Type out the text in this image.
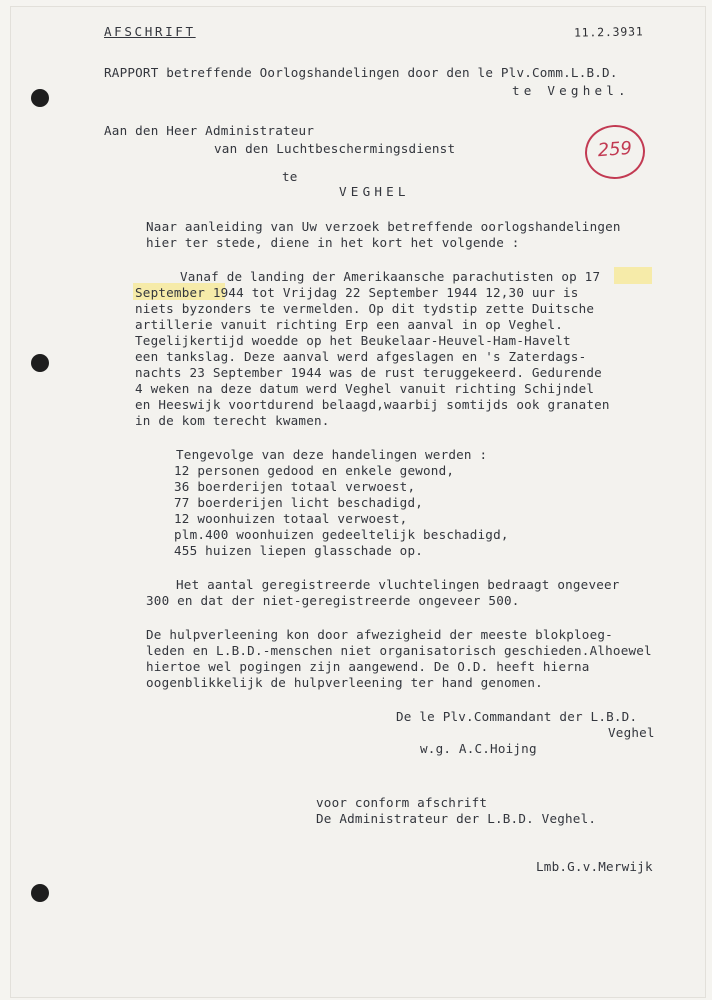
AFSCHRIFT	11.2.3931
RAPPORT betreffende Oorlogshandelingen door den le Plv.Comm.L.B.D.
te Veghel.
Aan den Heer Administrateur
van den Luchtbeschermingsdienst
te
VEGHEL
259
Naar aanleiding van Uw verzoek betreffende oorlogshandelingen
hier ter stede, diene in het kort het volgende :
Vanaf de landing der Amerikaansche parachutisten op 17
September 1944 tot Vrijdag 22 September 1944 12,30 uur is
niets byzonders te vermelden. Op dit tydstip zette Duitsche
artillerie vanuit richting Erp een aanval in op Veghel.
Tegelijkertijd woedde op het Beukelaar-Heuvel-Ham-Havelt
een tankslag. Deze aanval werd afgeslagen en 's Zaterdags-
nachts 23 September 1944 was de rust teruggekeerd. Gedurende
4 weken na deze datum werd Veghel vanuit richting Schijndel
en Heeswijk voortdurend belaagd,waarbij somtijds ook granaten
in de kom terecht kwamen.
Tengevolge van deze handelingen werden :
12 personen gedood en enkele gewond,
36 boerderijen totaal verwoest,
77 boerderijen licht beschadigd,
12 woonhuizen totaal verwoest,
plm.400 woonhuizen gedeeltelijk beschadigd,
455 huizen liepen glasschade op.
Het aantal geregistreerde vluchtelingen bedraagt ongeveer
300 en dat der niet-geregistreerde ongeveer 500.
De hulpverleening kon door afwezigheid der meeste blokploeg-
leden en L.B.D.-menschen niet organisatorisch geschieden.Alhoewel
hiertoe wel pogingen zijn aangewend. De O.D. heeft hierna
oogenblikkelijk de hulpverleening ter hand genomen.
De le Plv.Commandant der L.B.D.
Veghel
w.g. A.C.Hoijng
voor conform afschrift
De Administrateur der L.B.D. Veghel.
Lmb.G.v.Merwijk
